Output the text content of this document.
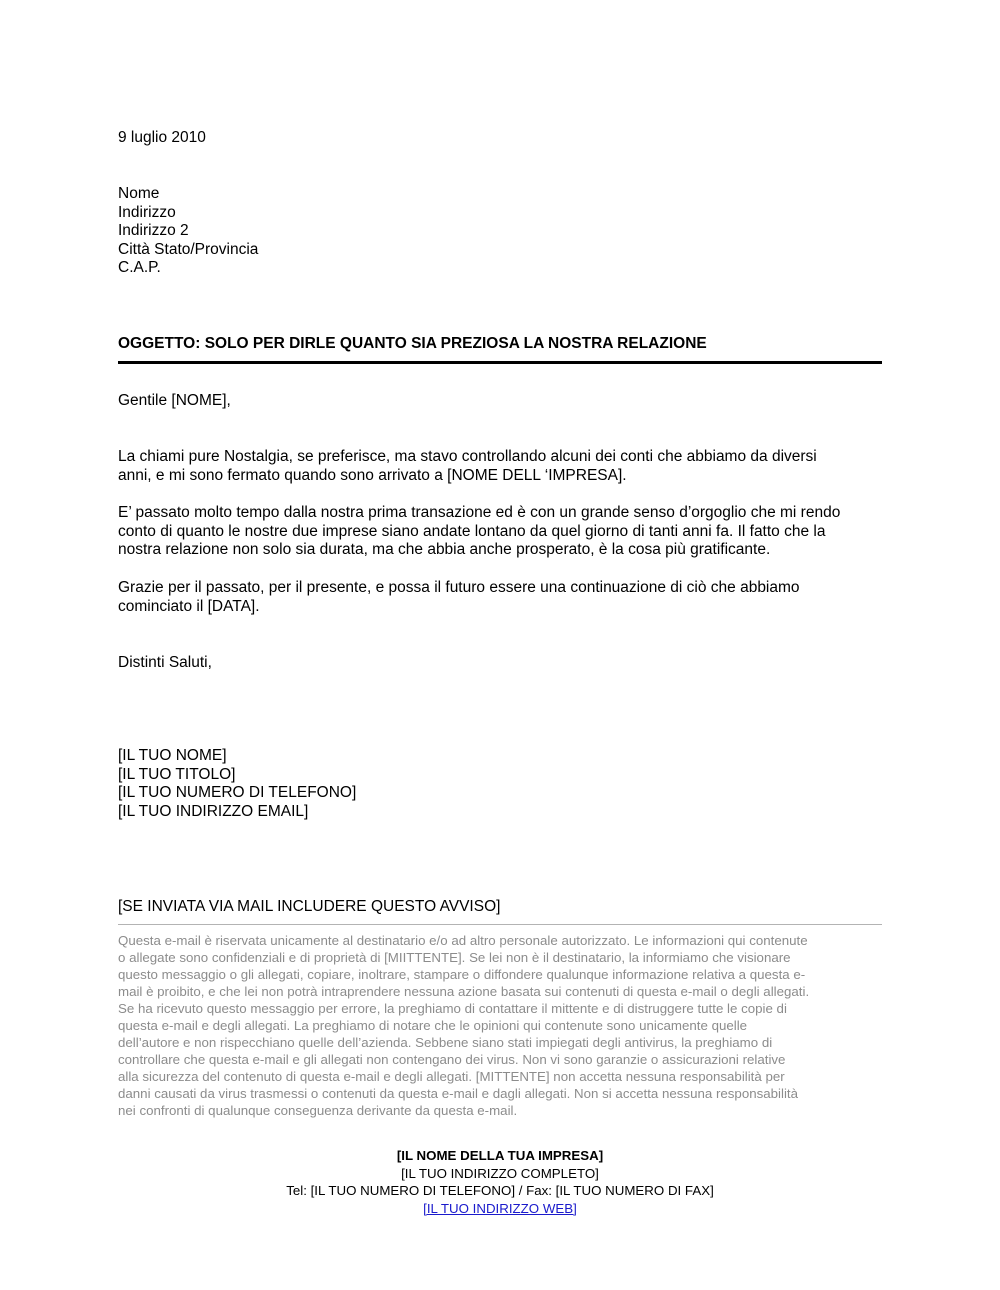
9 luglio 2010
Nome
Indirizzo
Indirizzo 2
Città Stato/Provincia
C.A.P.
OGGETTO: SOLO PER DIRLE QUANTO SIA PREZIOSA LA NOSTRA RELAZIONE
Gentile [NOME],
La chiami pure Nostalgia, se preferisce, ma stavo controllando alcuni dei conti che abbiamo da diversi
anni, e mi sono fermato quando sono arrivato a [NOME DELL ‘IMPRESA].
E’ passato molto tempo dalla nostra prima transazione ed è con un grande senso d’orgoglio che mi rendo
conto di quanto le nostre due imprese siano andate lontano da quel giorno di tanti anni fa. Il fatto che la
nostra relazione non solo sia durata, ma che abbia anche prosperato, è la cosa più gratificante.
Grazie per il passato, per il presente, e possa il futuro essere una continuazione di ciò che abbiamo
cominciato il [DATA].
Distinti Saluti,
[IL TUO NOME]
[IL TUO TITOLO]
[IL TUO NUMERO DI TELEFONO]
[IL TUO INDIRIZZO EMAIL]
[SE INVIATA VIA MAIL INCLUDERE QUESTO AVVISO]
Questa e-mail è riservata unicamente al destinatario e/o ad altro personale autorizzato. Le informazioni qui contenute
o allegate sono confidenziali e di proprietà di [MIITTENTE]. Se lei non è il destinatario, la informiamo che visionare
questo messaggio o gli allegati, copiare, inoltrare, stampare o diffondere qualunque informazione relativa a questa e-
mail è proibito, e che lei non potrà intraprendere nessuna azione basata sui contenuti di questa e-mail o degli allegati.
Se ha ricevuto questo messaggio per errore, la preghiamo di contattare il mittente e di distruggere tutte le copie di
questa e-mail e degli allegati. La preghiamo di notare che le opinioni qui contenute sono unicamente quelle
dell’autore e non rispecchiano quelle dell’azienda. Sebbene siano stati impiegati degli antivirus, la preghiamo di
controllare che questa e-mail e gli allegati non contengano dei virus. Non vi sono garanzie o assicurazioni relative
alla sicurezza del contenuto di questa e-mail e degli allegati. [MITTENTE] non accetta nessuna responsabilità per
danni causati da virus trasmessi o contenuti da questa e-mail e dagli allegati. Non si accetta nessuna responsabilità
nei confronti di qualunque conseguenza derivante da questa e-mail.
[IL NOME DELLA TUA IMPRESA]
[IL TUO INDIRIZZO COMPLETO]
Tel: [IL TUO NUMERO DI TELEFONO] / Fax: [IL TUO NUMERO DI FAX]
[IL TUO INDIRIZZO WEB]
